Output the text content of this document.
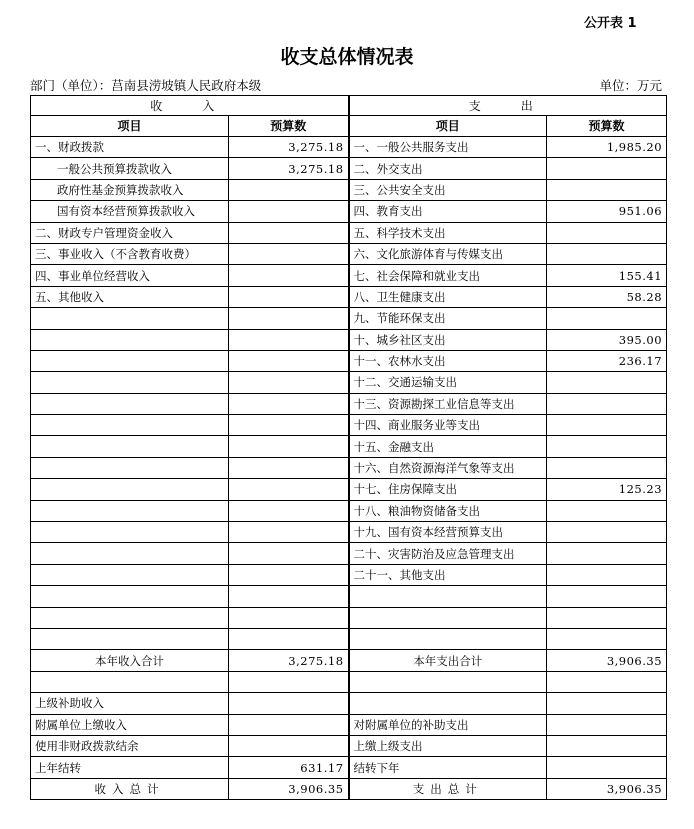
公开表 1
收支总体情况表
部门（单位）：莒南县涝坡镇人民政府本级	单位：万元
收　入		支　出	
项目	预算数	项目	预算数
一、财政拨款	3,275.18	一、一般公共服务支出	1,985.20
一般公共预算拨款收入	3,275.18	二、外交支出	
政府性基金预算拨款收入		三、公共安全支出	
国有资本经营预算拨款收入		四、教育支出	951.06
二、财政专户管理资金收入		五、科学技术支出	
三、事业收入（不含教育收费）		六、文化旅游体育与传媒支出	
四、事业单位经营收入		七、社会保障和就业支出	155.41
五、其他收入		八、卫生健康支出	58.28
		九、节能环保支出	
		十、城乡社区支出	395.00
		十一、农林水支出	236.17
		十二、交通运输支出	
		十三、资源勘探工业信息等支出	
		十四、商业服务业等支出	
		十五、金融支出	
		十六、自然资源海洋气象等支出	
		十七、住房保障支出	125.23
		十八、粮油物资储备支出	
		十九、国有资本经营预算支出	
		二十、灾害防治及应急管理支出	
		二十一、其他支出	

本年收入合计	3,275.18	本年支出合计	3,906.35

上级补助收入			
附属单位上缴收入		对附属单位的补助支出	
使用非财政拨款结余		上缴上级支出	
上年结转	631.17	结转下年	
收入总计	3,906.35	支出总计	3,906.35
